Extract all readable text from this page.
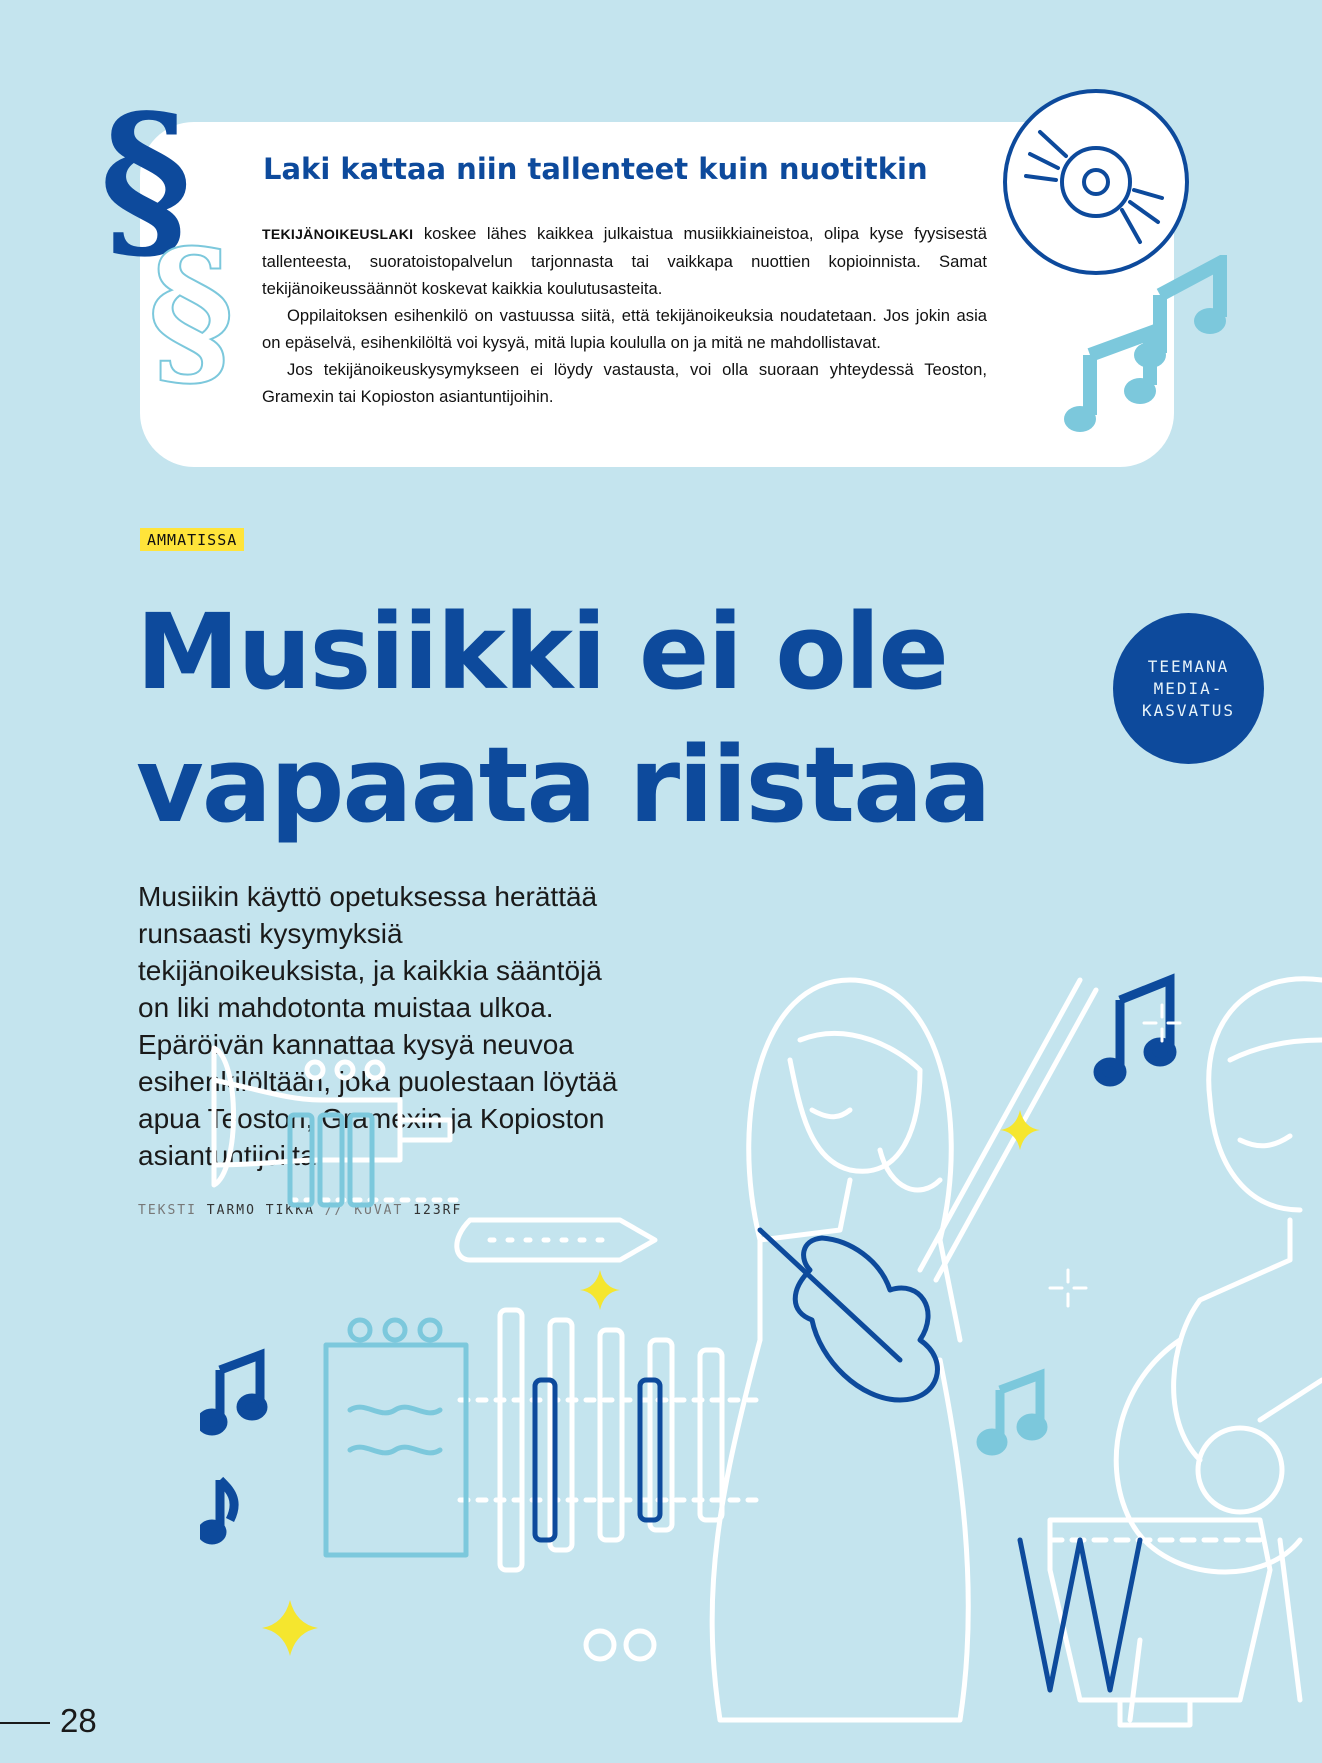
§
§
Laki kattaa niin tallenteet kuin nuotitkin

TEKIJÄNOIKEUSLAKI koskee lähes kaikkea julkaistua musiikkiaineistoa, olipa kyse fyysisestä tallenteesta, suoratoistopalvelun tarjonnasta tai vaikkapa nuottien kopioinnista. Samat tekijänoikeussäännöt koskevat kaikkia koulutusasteita.

Oppilaitoksen esihenkilö on vastuussa siitä, että tekijänoikeuksia noudatetaan. Jos jokin asia on epäselvä, esihenkilöltä voi kysyä, mitä lupia koululla on ja mitä ne mahdollistavat.

Jos tekijänoikeuskysymykseen ei löydy vastausta, voi olla suoraan yhteydessä Teoston, Gramexin tai Kopioston asiantuntijoihin.

AMMATISSA
Musiikki ei ole
vapaata riistaa
TEEMANA
MEDIA-
KASVATUS

Musiikin käyttö opetuksessa herättää runsaasti kysymyksiä tekijänoikeuksista, ja kaikkia sääntöjä on liki mahdotonta muistaa ulkoa. Epäröivän kannattaa kysyä neuvoa esihenkilöltään, joka puolestaan löytää apua Teoston, Gramexin ja Kopioston asiantuntijoilta.

TEKSTI TARMO TIKKA // KUVAT 123RF
28
